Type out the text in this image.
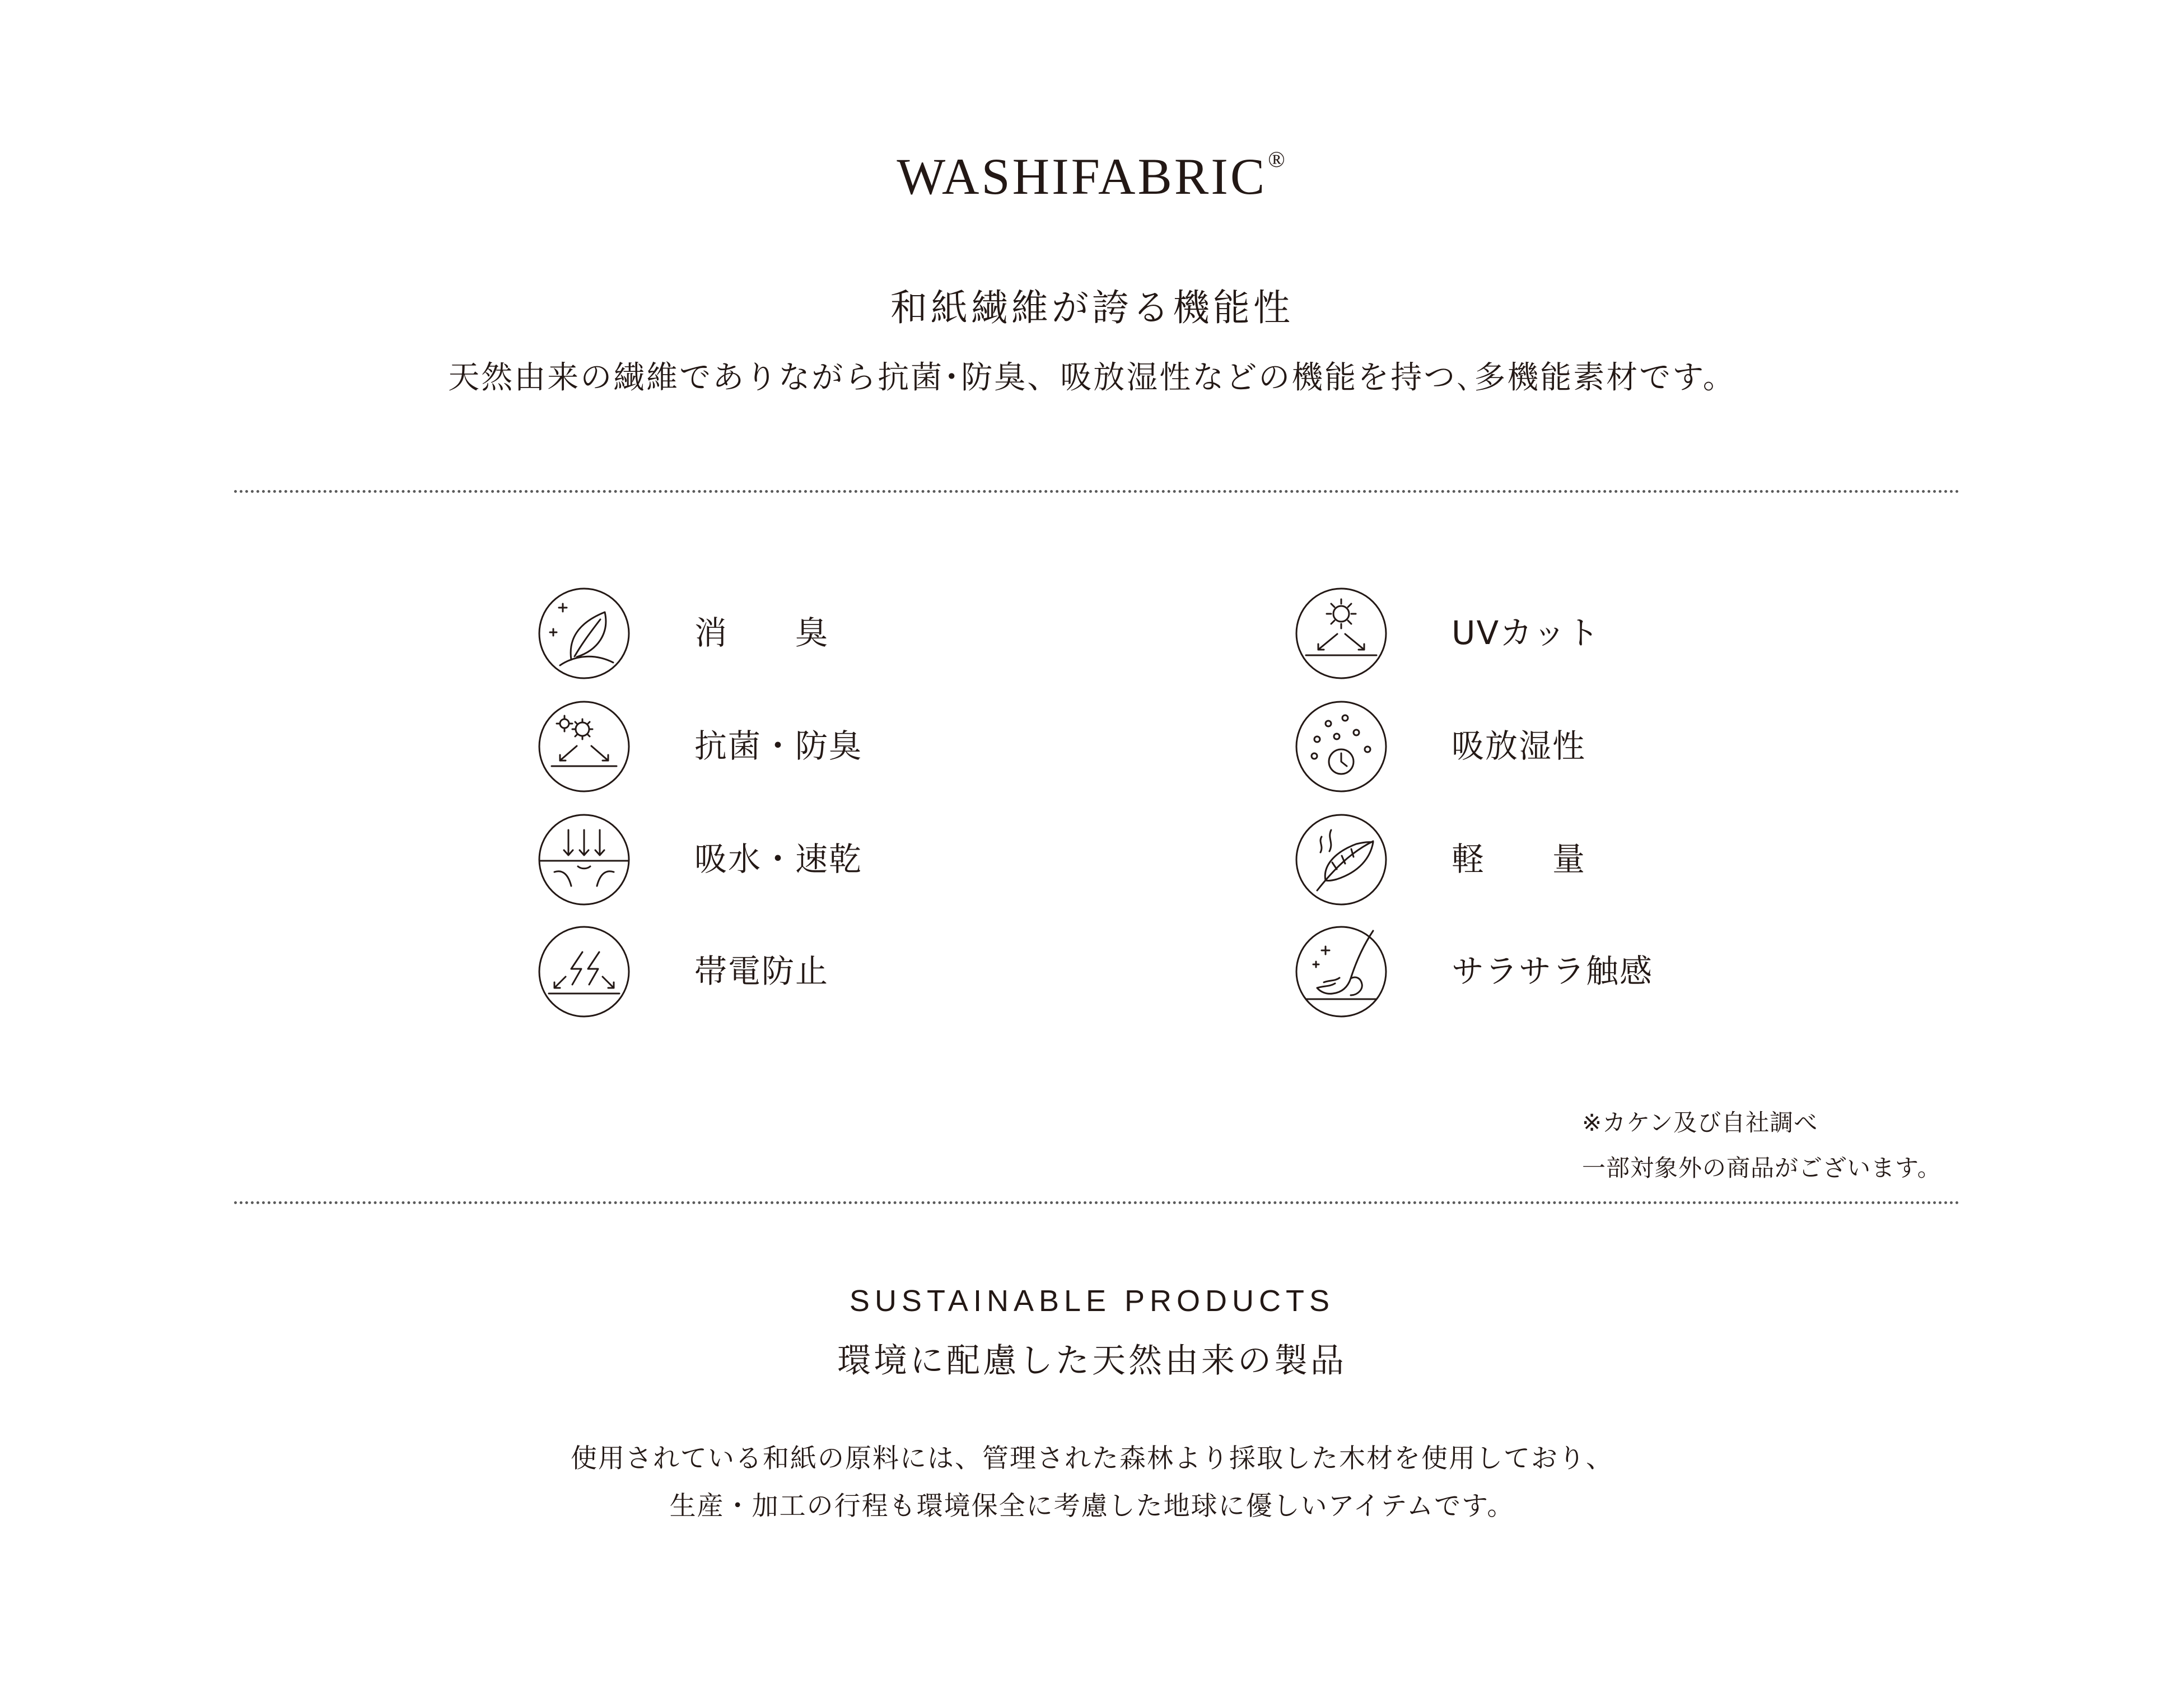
WASHIFABRIC®
和紙繊維が誇る機能性
天然由来の繊維でありながら抗菌･防臭、吸放湿性などの機能を持つ､多機能素材です。
消　　臭
抗菌・防臭
吸水・速乾
帯電防止
UVカット
吸放湿性
軽　　量
サラサラ触感
※カケン及び自社調べ
一部対象外の商品がございます。
SUSTAINABLE PRODUCTS
環境に配慮した天然由来の製品
使用されている和紙の原料には、管理された森林より採取した木材を使用しており、
生産・加工の行程も環境保全に考慮した地球に優しいアイテムです。
